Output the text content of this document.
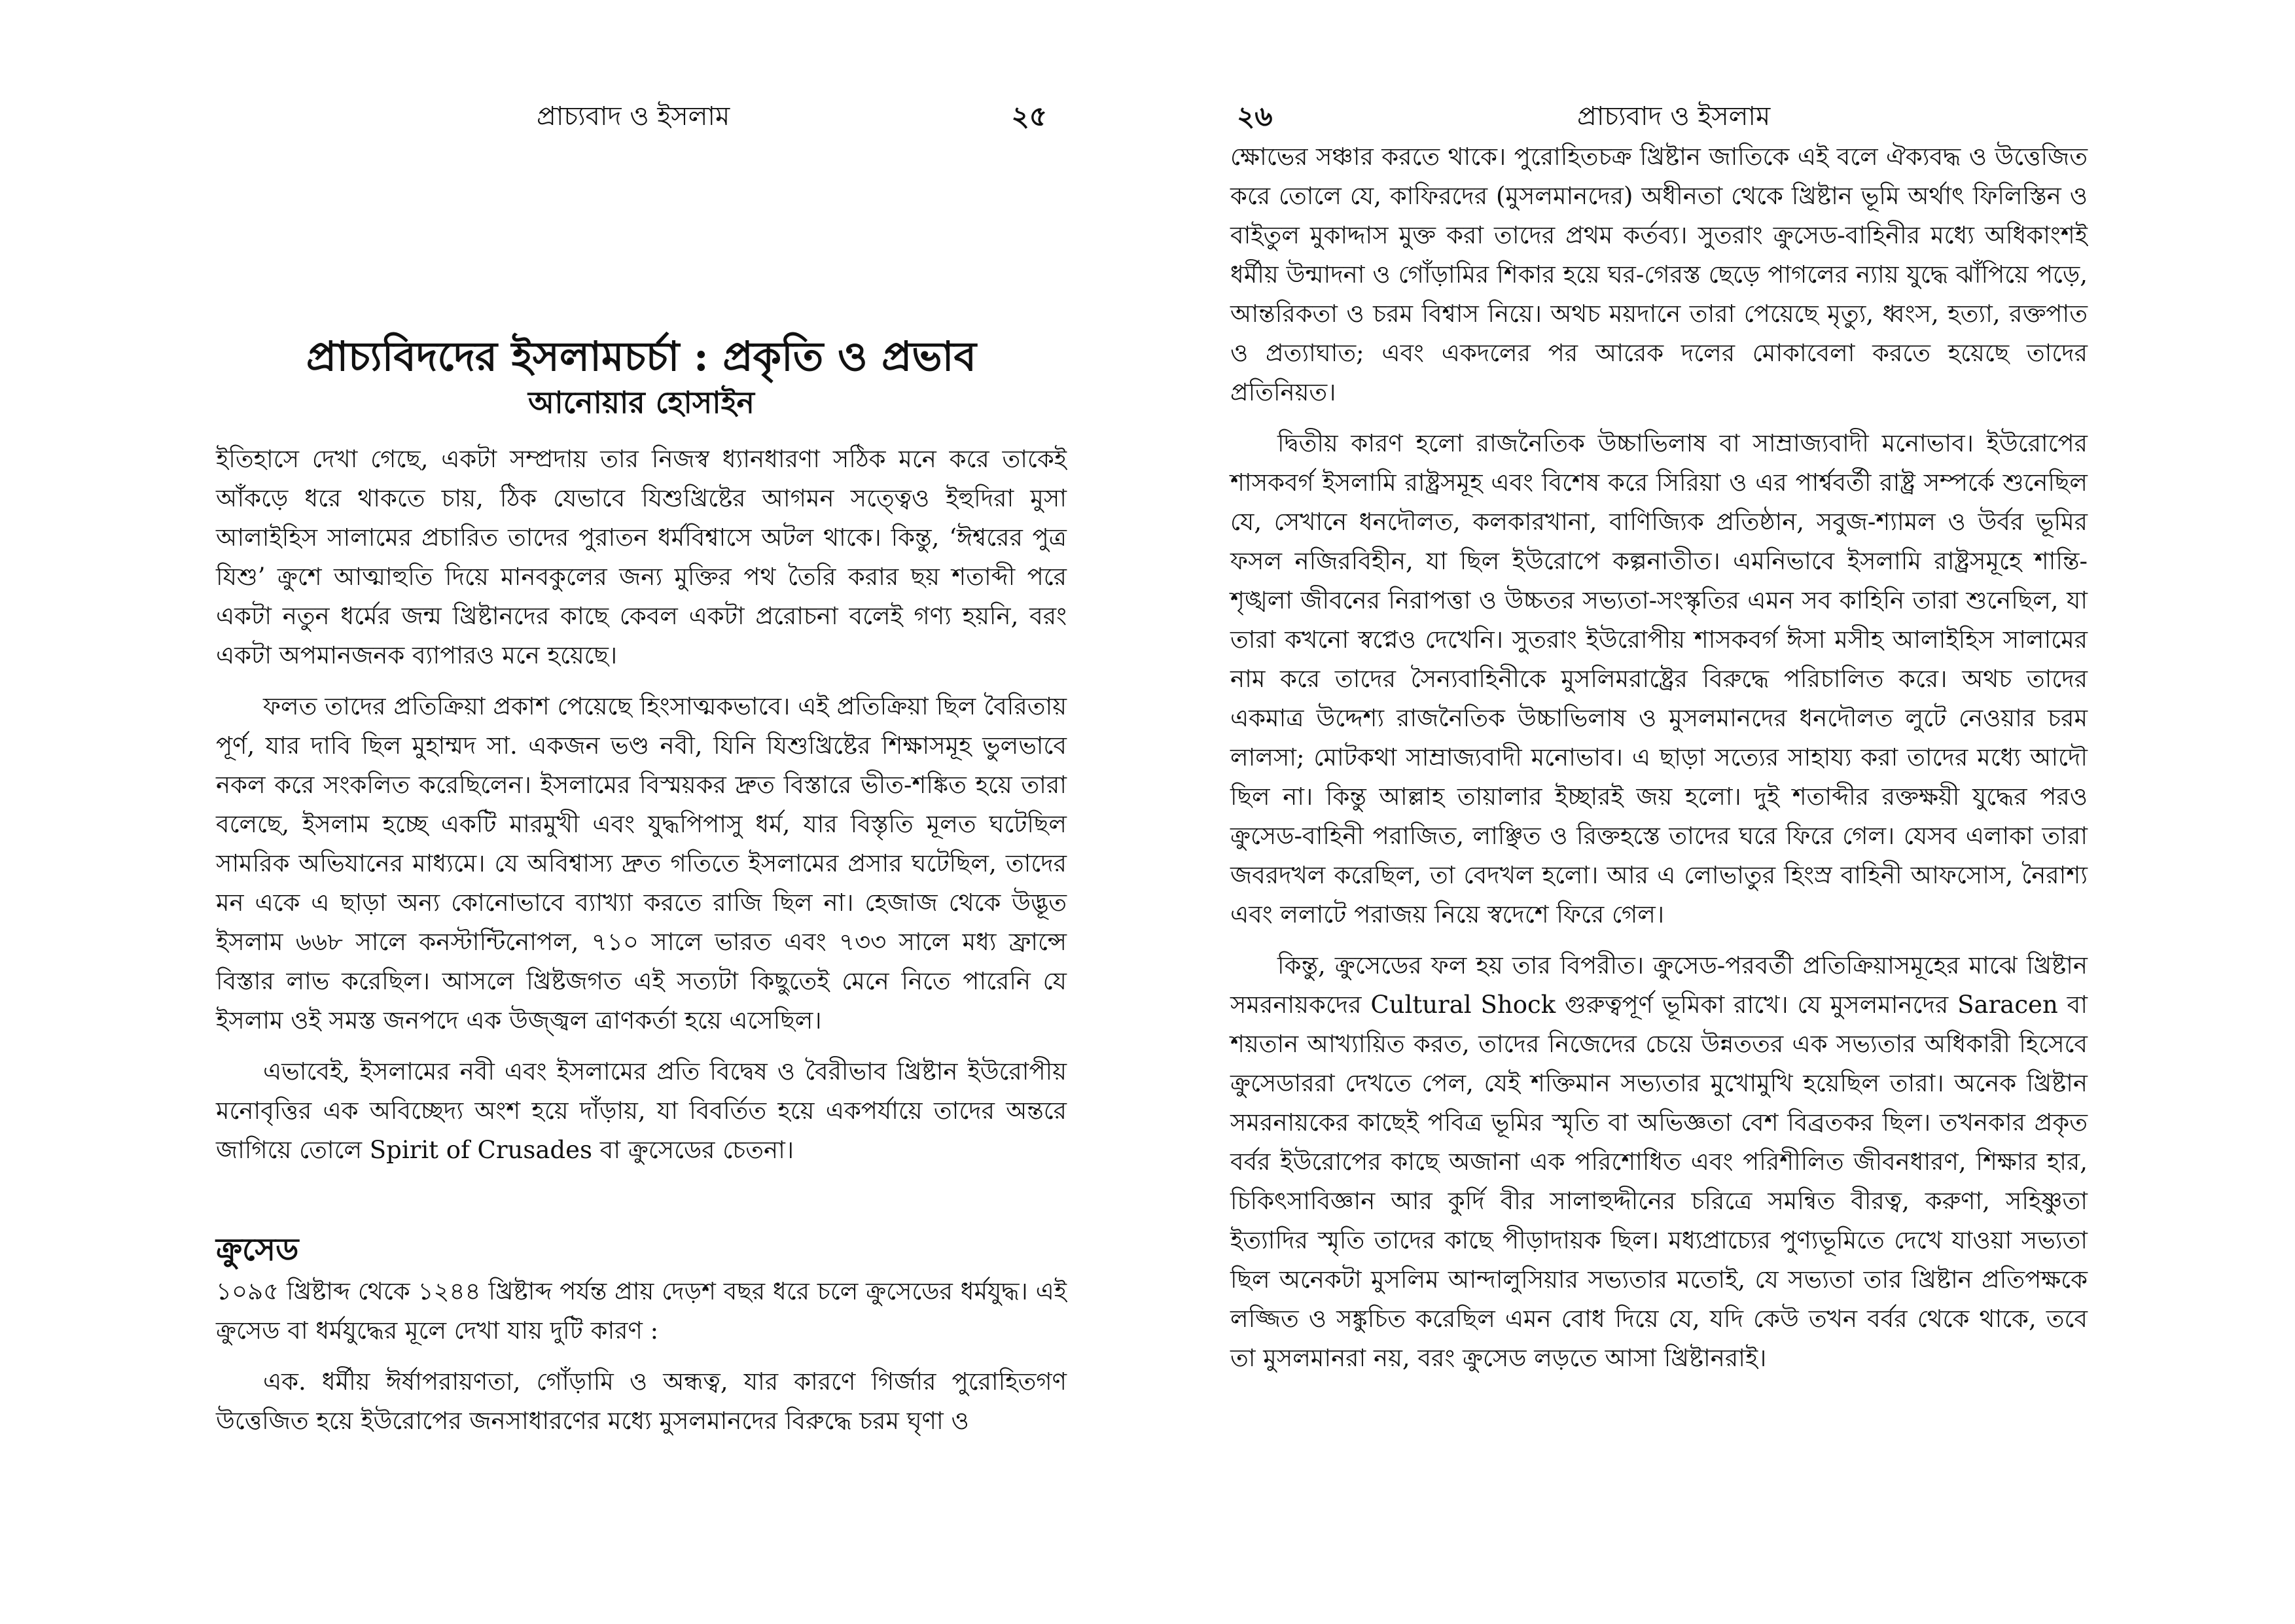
প্রাচ্যবাদ ও ইসলাম	২৫
প্রাচ্যবিদদের ইসলামচর্চা : প্রকৃতি ও প্রভাব
আনোয়ার হোসাইন

ইতিহাসে দেখা গেছে, একটা সম্প্রদায় তার নিজস্ব ধ্যানধারণা সঠিক মনে করে তাকেই আঁকড়ে ধরে থাকতে চায়, ঠিক যেভাবে যিশুখ্রিষ্টের আগমন সত্ত্বেও ইহুদিরা মুসা আলাইহিস সালামের প্রচারিত তাদের পুরাতন ধর্মবিশ্বাসে অটল থাকে। কিন্তু, ‘ঈশ্বরের পুত্র যিশু’ ক্রুশে আত্মাহুতি দিয়ে মানবকুলের জন্য মুক্তির পথ তৈরি করার ছয় শতাব্দী পরে একটা নতুন ধর্মের জন্ম খ্রিষ্টানদের কাছে কেবল একটা প্ররোচনা বলেই গণ্য হয়নি, বরং একটা অপমানজনক ব্যাপারও মনে হয়েছে।

ফলত তাদের প্রতিক্রিয়া প্রকাশ পেয়েছে হিংসাত্মকভাবে। এই প্রতিক্রিয়া ছিল বৈরিতায় পূর্ণ, যার দাবি ছিল মুহাম্মদ সা. একজন ভণ্ড নবী, যিনি যিশুখ্রিষ্টের শিক্ষাসমূহ ভুলভাবে নকল করে সংকলিত করেছিলেন। ইসলামের বিস্ময়কর দ্রুত বিস্তারে ভীত-শঙ্কিত হয়ে তারা বলেছে, ইসলাম হচ্ছে একটি মারমুখী এবং যুদ্ধপিপাসু ধর্ম, যার বিস্তৃতি মূলত ঘটেছিল সামরিক অভিযানের মাধ্যমে। যে অবিশ্বাস্য দ্রুত গতিতে ইসলামের প্রসার ঘটেছিল, তাদের মন একে এ ছাড়া অন্য কোনোভাবে ব্যাখ্যা করতে রাজি ছিল না। হেজাজ থেকে উদ্ভূত ইসলাম ৬৬৮ সালে কনস্টান্টিনোপল, ৭১০ সালে ভারত এবং ৭৩৩ সালে মধ্য ফ্রান্সে বিস্তার লাভ করেছিল। আসলে খ্রিষ্টজগত এই সত্যটা কিছুতেই মেনে নিতে পারেনি যে ইসলাম ওই সমস্ত জনপদে এক উজ্জ্বল ত্রাণকর্তা হয়ে এসেছিল।

এভাবেই, ইসলামের নবী এবং ইসলামের প্রতি বিদ্বেষ ও বৈরীভাব খ্রিষ্টান ইউরোপীয় মনোবৃত্তির এক অবিচ্ছেদ্য অংশ হয়ে দাঁড়ায়, যা বিবর্তিত হয়ে একপর্যায়ে তাদের অন্তরে জাগিয়ে তোলে Spirit of Crusades বা ক্রুসেডের চেতনা।

ক্রুসেড

১০৯৫ খ্রিষ্টাব্দ থেকে ১২৪৪ খ্রিষ্টাব্দ পর্যন্ত প্রায় দেড়শ বছর ধরে চলে ক্রুসেডের ধর্মযুদ্ধ। এই ক্রুসেড বা ধর্মযুদ্ধের মূলে দেখা যায় দুটি কারণ :

এক. ধর্মীয় ঈর্ষাপরায়ণতা, গোঁড়ামি ও অন্ধত্ব, যার কারণে গির্জার পুরোহিতগণ উত্তেজিত হয়ে ইউরোপের জনসাধারণের মধ্যে মুসলমানদের বিরুদ্ধে চরম ঘৃণা ও

২৬	প্রাচ্যবাদ ও ইসলাম

ক্ষোভের সঞ্চার করতে থাকে। পুরোহিতচক্র খ্রিষ্টান জাতিকে এই বলে ঐক্যবদ্ধ ও উত্তেজিত করে তোলে যে, কাফিরদের (মুসলমানদের) অধীনতা থেকে খ্রিষ্টান ভূমি অর্থাৎ ফিলিস্তিন ও বাইতুল মুকাদ্দাস মুক্ত করা তাদের প্রথম কর্তব্য। সুতরাং ক্রুসেড-বাহিনীর মধ্যে অধিকাংশই ধর্মীয় উন্মাদনা ও গোঁড়ামির শিকার হয়ে ঘর-গেরস্ত ছেড়ে পাগলের ন্যায় যুদ্ধে ঝাঁপিয়ে পড়ে, আন্তরিকতা ও চরম বিশ্বাস নিয়ে। অথচ ময়দানে তারা পেয়েছে মৃত্যু, ধ্বংস, হত্যা, রক্তপাত ও প্রত্যাঘাত; এবং একদলের পর আরেক দলের মোকাবেলা করতে হয়েছে তাদের প্রতিনিয়ত।

দ্বিতীয় কারণ হলো রাজনৈতিক উচ্চাভিলাষ বা সাম্রাজ্যবাদী মনোভাব। ইউরোপের শাসকবর্গ ইসলামি রাষ্ট্রসমূহ এবং বিশেষ করে সিরিয়া ও এর পার্শ্ববর্তী রাষ্ট্র সম্পর্কে শুনেছিল যে, সেখানে ধনদৌলত, কলকারখানা, বাণিজ্যিক প্রতিষ্ঠান, সবুজ-শ্যামল ও উর্বর ভূমির ফসল নজিরবিহীন, যা ছিল ইউরোপে কল্পনাতীত। এমনিভাবে ইসলামি রাষ্ট্রসমূহে শান্তি-শৃঙ্খলা জীবনের নিরাপত্তা ও উচ্চতর সভ্যতা-সংস্কৃতির এমন সব কাহিনি তারা শুনেছিল, যা তারা কখনো স্বপ্নেও দেখেনি। সুতরাং ইউরোপীয় শাসকবর্গ ঈসা মসীহ আলাইহিস সালামের নাম করে তাদের সৈন্যবাহিনীকে মুসলিমরাষ্ট্রের বিরুদ্ধে পরিচালিত করে। অথচ তাদের একমাত্র উদ্দেশ্য রাজনৈতিক উচ্চাভিলাষ ও মুসলমানদের ধনদৌলত লুটে নেওয়ার চরম লালসা; মোটকথা সাম্রাজ্যবাদী মনোভাব। এ ছাড়া সত্যের সাহায্য করা তাদের মধ্যে আদৌ ছিল না। কিন্তু আল্লাহ তায়ালার ইচ্ছারই জয় হলো। দুই শতাব্দীর রক্তক্ষয়ী যুদ্ধের পরও ক্রুসেড-বাহিনী পরাজিত, লাঞ্ছিত ও রিক্তহস্তে তাদের ঘরে ফিরে গেল। যেসব এলাকা তারা জবরদখল করেছিল, তা বেদখল হলো। আর এ লোভাতুর হিংস্র বাহিনী আফসোস, নৈরাশ্য এবং ললাটে পরাজয় নিয়ে স্বদেশে ফিরে গেল।

কিন্তু, ক্রুসেডের ফল হয় তার বিপরীত। ক্রুসেড-পরবর্তী প্রতিক্রিয়াসমূহের মাঝে খ্রিষ্টান সমরনায়কদের Cultural Shock গুরুত্বপূর্ণ ভূমিকা রাখে। যে মুসলমানদের Saracen বা শয়তান আখ্যায়িত করত, তাদের নিজেদের চেয়ে উন্নততর এক সভ্যতার অধিকারী হিসেবে ক্রুসেডাররা দেখতে পেল, যেই শক্তিমান সভ্যতার মুখোমুখি হয়েছিল তারা। অনেক খ্রিষ্টান সমরনায়কের কাছেই পবিত্র ভূমির স্মৃতি বা অভিজ্ঞতা বেশ বিব্রতকর ছিল। তখনকার প্রকৃত বর্বর ইউরোপের কাছে অজানা এক পরিশোধিত এবং পরিশীলিত জীবনধারণ, শিক্ষার হার, চিকিৎসাবিজ্ঞান আর কুর্দি বীর সালাহুদ্দীনের চরিত্রে সমন্বিত বীরত্ব, করুণা, সহিষ্ণুতা ইত্যাদির স্মৃতি তাদের কাছে পীড়াদায়ক ছিল। মধ্যপ্রাচ্যের পুণ্যভূমিতে দেখে যাওয়া সভ্যতা ছিল অনেকটা মুসলিম আন্দালুসিয়ার সভ্যতার মতোই, যে সভ্যতা তার খ্রিষ্টান প্রতিপক্ষকে লজ্জিত ও সঙ্কুচিত করেছিল এমন বোধ দিয়ে যে, যদি কেউ তখন বর্বর থেকে থাকে, তবে তা মুসলমানরা নয়, বরং ক্রুসেড লড়তে আসা খ্রিষ্টানরাই।
